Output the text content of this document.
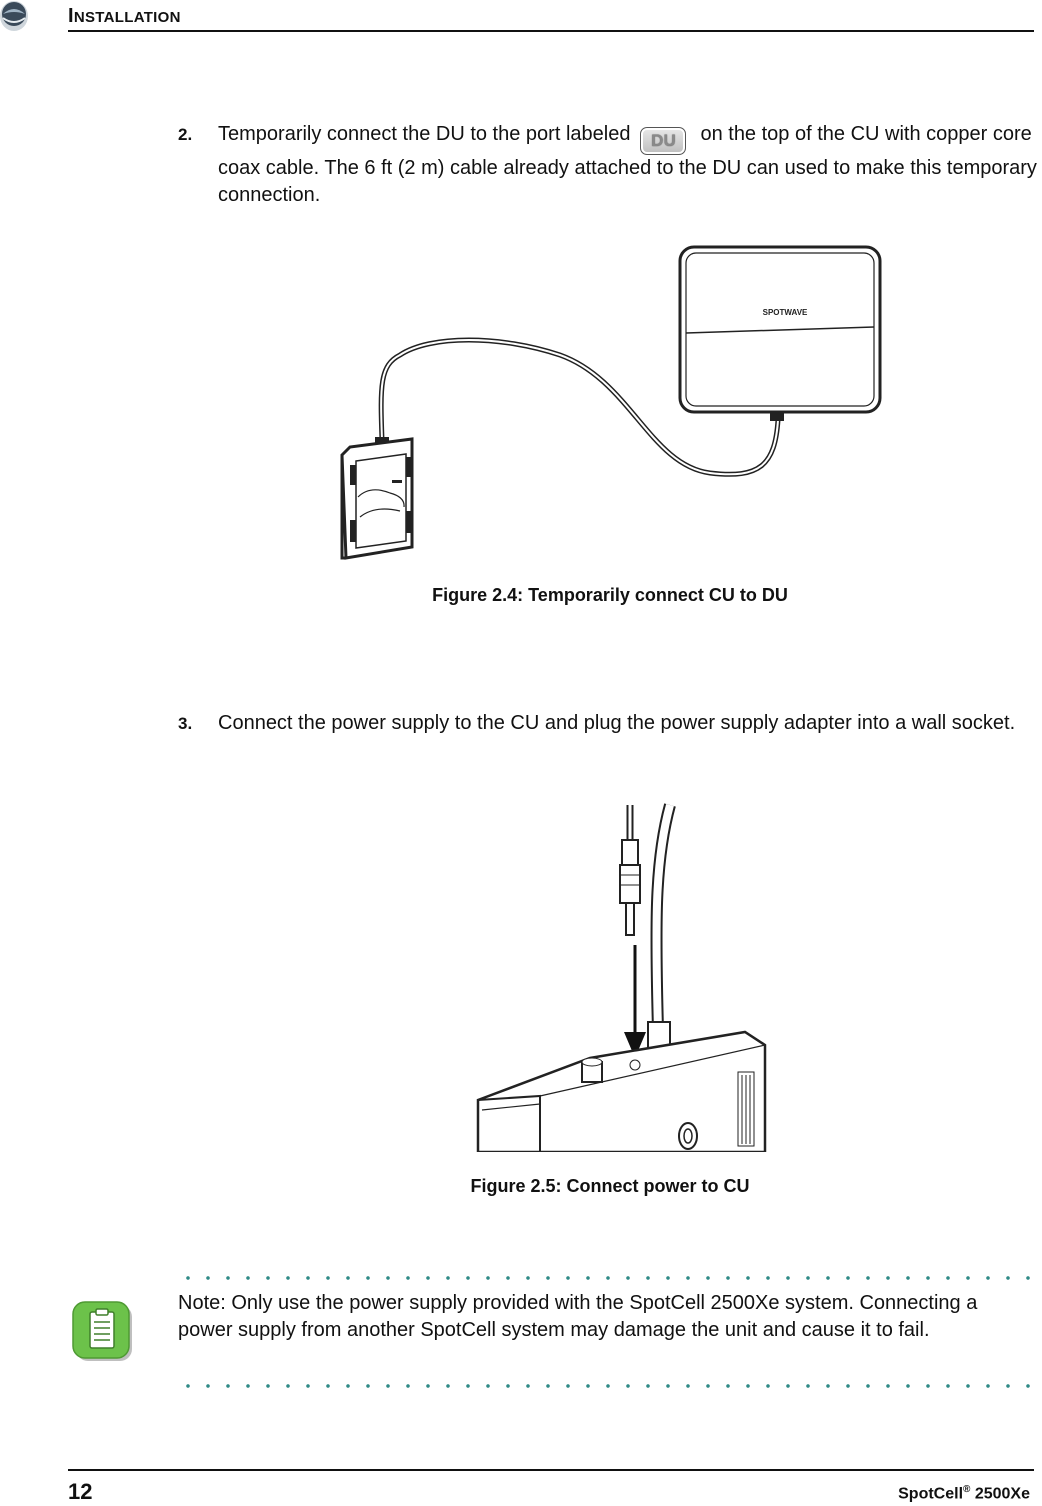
INSTALLATION
2. Temporarily connect the DU to the port labeled DU on the top of the CU with copper core coax cable. The 6 ft (2 m) cable already attached to the DU can used to make this temporary connection.
SPOTWAVE
Figure 2.4: Temporarily connect CU to DU
3. Connect the power supply to the CU and plug the power supply adapter into a wall socket.
Figure 2.5: Connect power to CU
Note: Only use the power supply provided with the SpotCell 2500Xe system. Connecting a power supply from another SpotCell system may damage the unit and cause it to fail.
12	SpotCell® 2500Xe
